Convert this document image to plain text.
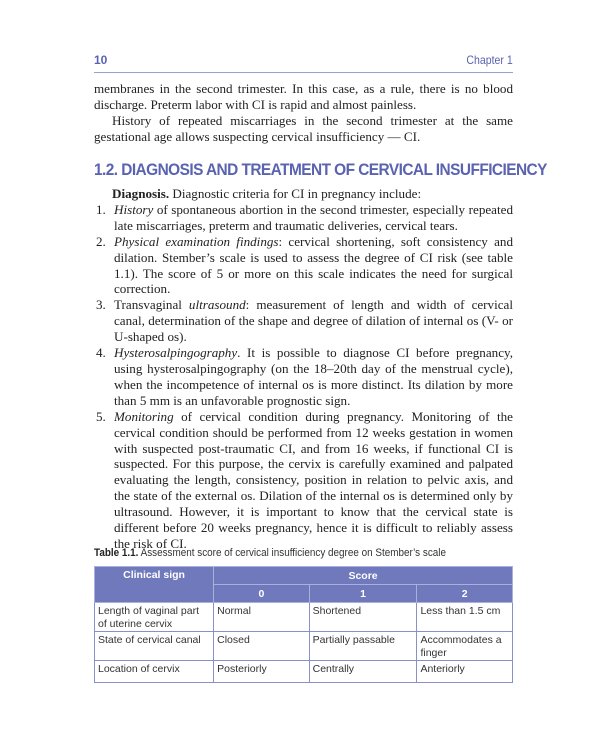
10	Chapter 1

membranes in the second trimester. In this case, as a rule, there is no blood discharge. Preterm labor with CI is rapid and almost painless.

History of repeated miscarriages in the second trimester at the same gestational age allows suspecting cervical insufficiency — CI.

1.2. DIAGNOSIS AND TREATMENT OF CERVICAL INSUFFICIENCY

Diagnosis. Diagnostic criteria for CI in pregnancy include:

1. History of spontaneous abortion in the second trimester, especially repeated late miscarriages, preterm and traumatic deliveries, cervical tears.
2. Physical examination findings: cervical shortening, soft consistency and dilation. Stember’s scale is used to assess the degree of CI risk (see table 1.1). The score of 5 or more on this scale indicates the need for surgical correction.
3. Transvaginal ultrasound: measurement of length and width of cervical canal, determination of the shape and degree of dilation of internal os (V- or U-shaped os).
4. Hysterosalpingography. It is possible to diagnose CI before pregnancy, using hysterosalpingography (on the 18–20th day of the menstrual cycle), when the incompetence of internal os is more distinct. Its dilation by more than 5 mm is an unfavorable prognostic sign.
5. Monitoring of cervical condition during pregnancy. Monitoring of the cervical condition should be performed from 12 weeks gestation in women with suspected post-traumatic CI, and from 16 weeks, if functional CI is suspected. For this purpose, the cervix is carefully examined and palpated evaluating the length, consistency, position in relation to pelvic axis, and the state of the external os. Dilation of the internal os is determined only by ultrasound. However, it is important to know that the cervical state is different before 20 weeks pregnancy, hence it is difficult to reliably assess the risk of CI.
Table 1.1. Assessment score of cervical insufficiency degree on Stember’s scale
Clinical sign	Score		
	0	1	2
Length of vaginal part of uterine cervix	Normal	Shortened	Less than 1.5 cm
State of cervical canal	Closed	Partially passable	Accommodates a finger
Location of cervix	Posteriorly	Centrally	Anteriorly
